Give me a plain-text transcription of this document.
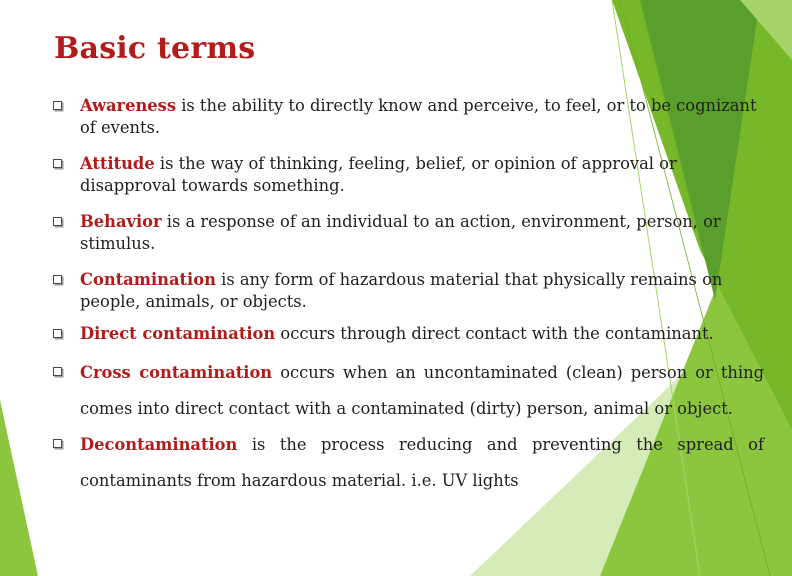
Basic terms
Awareness is the ability to directly know and perceive, to feel, or to be cognizant of events.
Attitude is the way of thinking, feeling, belief, or opinion of approval or disapproval towards something.
Behavior is a response of an individual to an action, environment, person, or stimulus.
Contamination is any form of hazardous material that physically remains on people, animals, or objects.
Direct contamination occurs through direct contact with the contaminant.
Cross contamination occurs when an uncontaminated (clean) person or thing comes into direct contact with a contaminated (dirty) person, animal or object.
Decontamination is the process reducing and preventing the spread of contaminants from hazardous material. i.e. UV lights
